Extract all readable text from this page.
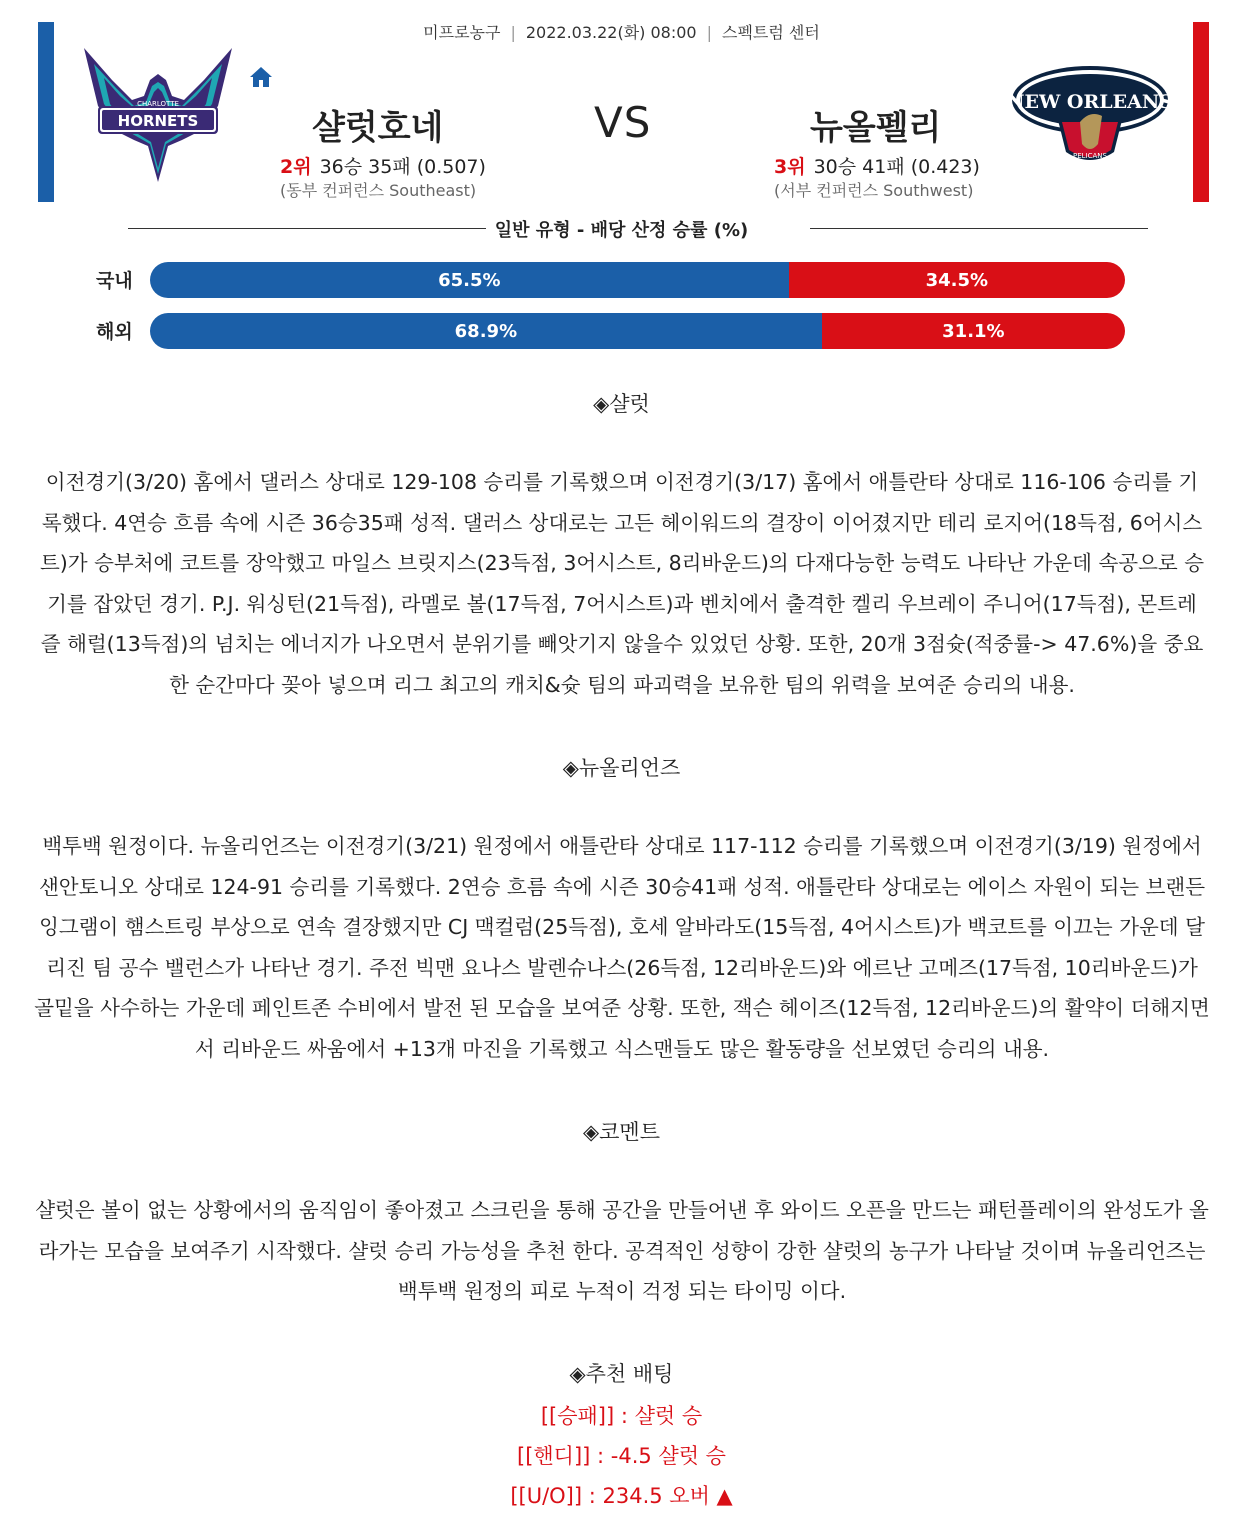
미프로농구 | 2022.03.22(화) 08:00 | 스펙트럼 센터
CHARLOTTE
HORNETS
NEW ORLEANS
PELICANS
샬럿호네	VS	뉴올펠리
2위 36승 35패 (0.507)	3위 30승 41패 (0.423)
(동부 컨퍼런스 Southeast)	(서부 컨퍼런스 Southwest)
일반 유형 - 배당 산정 승률 (%)
국내	65.5%	34.5%
해외	68.9%	31.1%
◈샬럿
이전경기(3/20) 홈에서 댈러스 상대로 129-108 승리를 기록했으며 이전경기(3/17) 홈에서 애틀란타 상대로 116-106 승리를 기
록했다. 4연승 흐름 속에 시즌 36승35패 성적. 댈러스 상대로는 고든 헤이워드의 결장이 이어졌지만 테리 로지어(18득점, 6어시스
트)가 승부처에 코트를 장악했고 마일스 브릿지스(23득점, 3어시스트, 8리바운드)의 다재다능한 능력도 나타난 가운데 속공으로 승
기를 잡았던 경기. P.J. 워싱턴(21득점), 라멜로 볼(17득점, 7어시스트)과 벤치에서 출격한 켈리 우브레이 주니어(17득점), 몬트레
즐 해럴(13득점)의 넘치는 에너지가 나오면서 분위기를 빼앗기지 않을수 있었던 상황. 또한, 20개 3점슛(적중률-> 47.6%)을 중요
한 순간마다 꽂아 넣으며 리그 최고의 캐치&슛 팀의 파괴력을 보유한 팀의 위력을 보여준 승리의 내용.
◈뉴올리언즈
백투백 원정이다. 뉴올리언즈는 이전경기(3/21) 원정에서 애틀란타 상대로 117-112 승리를 기록했으며 이전경기(3/19) 원정에서
샌안토니오 상대로 124-91 승리를 기록했다. 2연승 흐름 속에 시즌 30승41패 성적. 애틀란타 상대로는 에이스 자원이 되는 브랜든
잉그램이 햄스트링 부상으로 연속 결장했지만 CJ 맥컬럼(25득점), 호세 알바라도(15득점, 4어시스트)가 백코트를 이끄는 가운데 달
리진 팀 공수 밸런스가 나타난 경기. 주전 빅맨 요나스 발렌슈나스(26득점, 12리바운드)와 에르난 고메즈(17득점, 10리바운드)가
골밑을 사수하는 가운데 페인트존 수비에서 발전 된 모습을 보여준 상황. 또한, 잭슨 헤이즈(12득점, 12리바운드)의 활약이 더해지면
서 리바운드 싸움에서 +13개 마진을 기록했고 식스맨들도 많은 활동량을 선보였던 승리의 내용.
◈코멘트
샬럿은 볼이 없는 상황에서의 움직임이 좋아졌고 스크린을 통해 공간을 만들어낸 후 와이드 오픈을 만드는 패턴플레이의 완성도가 올
라가는 모습을 보여주기 시작했다. 샬럿 승리 가능성을 추천 한다. 공격적인 성향이 강한 샬럿의 농구가 나타날 것이며 뉴올리언즈는
백투백 원정의 피로 누적이 걱정 되는 타이밍 이다.
◈추천 배팅
[[승패]] : 샬럿 승
[[핸디]] : -4.5 샬럿 승
[[U/O]] : 234.5 오버 ▲
